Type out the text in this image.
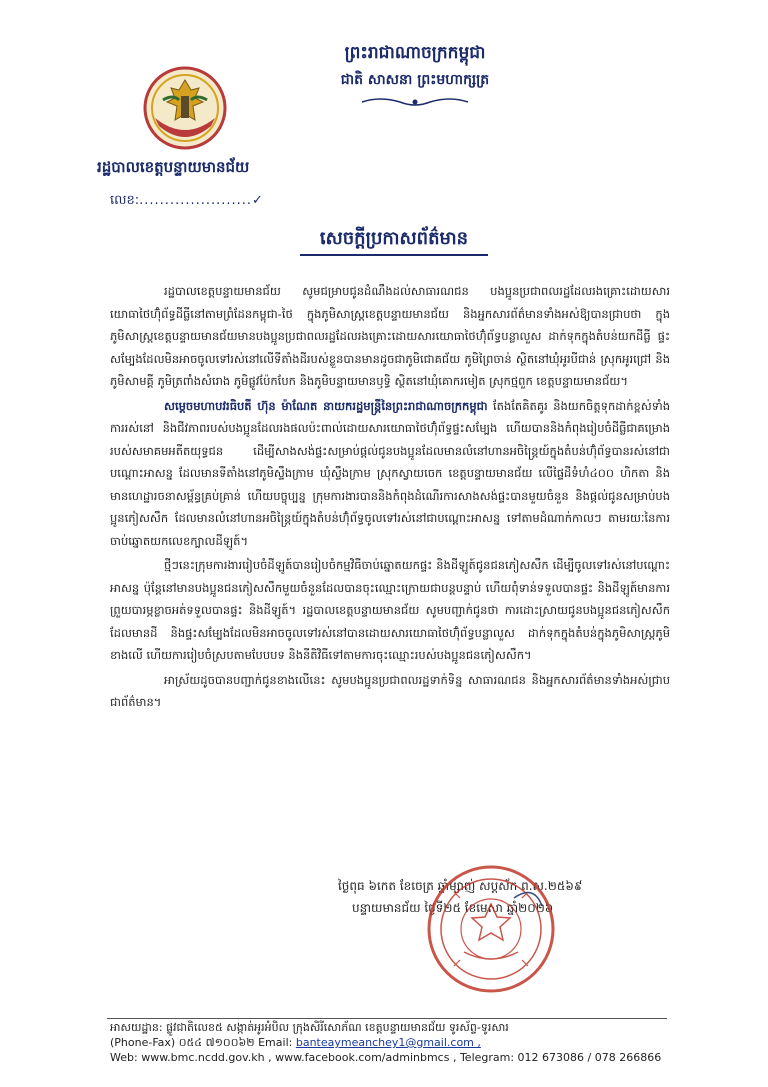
រដ្ឋបាលខេត្តបន្ទាយមានជ័យ
លេខ:......................✓
ព្រះរាជាណាចក្រកម្ពុជា
ជាតិ សាសនា ព្រះមហាក្សត្រ
សេចក្តីប្រកាសព័ត៌មាន

រដ្ឋបាលខេត្តបន្ទាយមានជ័យ សូមជម្រាបជូនដំណឹងដល់សាធារណជន បងប្អូនប្រជាពលរដ្ឋដែលរងគ្រោះដោយសារយោធាថៃហ៊ុំព័ទ្ធដីធ្លីនៅតាមព្រំដែនកម្ពុជា-ថៃ ក្នុងភូមិសាស្ត្រខេត្តបន្ទាយមានជ័យ និងអ្នកសារព័ត៌មានទាំងអស់ឱ្យបានជ្រាបថា ក្នុងភូមិសាស្ត្រខេត្តបន្ទាយមានជ័យមានបងប្អូនប្រជាពលរដ្ឋដែលរងគ្រោះដោយសារយោធាថៃហ៊ុំព័ទ្ធបន្លាលួស ដាក់ទុកក្នុងតំបន់យកដីធ្លី ផ្ទះសម្បែងដែលមិនអាចចូលទៅរស់នៅលើទីតាំងដីរបស់ខ្លួនបានមានដូចជាភូមិជោគជ័យ ភូមិព្រៃចាន់ ស្ថិតនៅឃុំអូរបីជាន់ ស្រុកអូរជ្រៅ និងភូមិសាមគ្គី ភូមិត្រពាំងសំរោង ភូមិផ្លូវប៉ែកបែក និងភូមិបន្ទាយមានឫទ្ធិ ស្ថិតនៅឃុំគោករមៀត ស្រុកថ្មពួក ខេត្តបន្ទាយមានជ័យ។

សម្តេចមហាបវរធិបតី ហ៊ុន ម៉ាណែត នាយករដ្ឋមន្ត្រីនៃព្រះរាជាណាចក្រកម្ពុជា តែងតែគិតគូរ និងយកចិត្តទុកដាក់ខ្ពស់ទាំងការរស់នៅ និងជីវភាពរបស់បងប្អូនដែលរងផលប៉ះពាល់ដោយសារយោធាថៃហ៊ុំព័ទ្ធផ្ទះសម្បែង ហើយបាននិងកំពុងរៀបចំដីធ្លីជាគម្រោងរបស់សមាគមអតីតយុទ្ធជន ដើម្បីសាងសង់ផ្ទះសម្រាប់ផ្តល់ជូនបងប្អូនដែលមានលំនៅហានអចិន្ត្រៃយ៍ក្នុងតំបន់ហ៊ុំព័ទ្ធបានរស់នៅជាបណ្តោះអាសន្ន ដែលមានទីតាំងនៅភូមិស្ទឹងក្រាម ឃុំស្ទឹងក្រាម ស្រុកស្វាយចេក ខេត្តបន្ទាយមានជ័យ លើផ្ទៃដីទំហំ៤០០ ហិកតា និងមានហេដ្ឋារចនាសម្ព័ន្ធគ្រប់គ្រាន់ ហើយបច្ចុប្បន្ន ក្រុមការងារបាននិងកំពុងដំណើរការសាងសង់ផ្ទះបានមួយចំនួន និងផ្តល់ជូនសម្រាប់បងប្អូនភៀសសឹក ដែលមានលំនៅហានអចិន្ត្រៃយ៍ក្នុងតំបន់ហ៊ុំព័ទ្ធចូលទៅរស់នៅជាបណ្តោះអាសន្ន ទៅតាមដំណាក់កាលៗ តាមរយៈនៃការចាប់ឆ្នោតយកលេខក្បាលដីឡូត៍។

ថ្មីៗនេះក្រុមការងាររៀបចំដីឡូត៍បានរៀបចំកម្មវិធីចាប់ឆ្នោតយកផ្ទះ និងដីឡូត៍ជូនជនភៀសសឹក ដើម្បីចូលទៅរស់នៅបណ្តោះអាសន្ន ប៉ុន្តែនៅមានបងប្អូនជនភៀសសឹកមួយចំនួនដែលបានចុះឈ្មោះក្រោយជាបន្តបន្ទាប់ ហើយពុំទាន់ទទួលបានផ្ទះ និងដីឡូត៍មានការព្រួយបារម្ភខ្លាចអត់ទទួលបានផ្ទះ និងដីឡូត៍។ រដ្ឋបាលខេត្តបន្ទាយមានជ័យ សូមបញ្ជាក់ជូនថា ការដោះស្រាយជូនបងប្អូនជនភៀសសឹកដែលមានដី និងផ្ទះសម្បែងដែលមិនអាចចូលទៅរស់នៅបានដោយសារយោធាថៃហ៊ុំព័ទ្ធបន្លាលួស ដាក់ទុកក្នុងតំបន់ក្នុងភូមិសាស្ត្រភូមិខាងលើ ហើយការរៀបចំស្របតាមបែបបទ និងនីតិវិធីទៅតាមការចុះឈ្មោះរបស់បងប្អូនជនភៀសសឹក។

អាស្រ័យដូចបានបញ្ជាក់ជូនខាងលើនេះ សូមបងប្អូនប្រជាពលរដ្ឋទាក់ទិន្ន សាធារណជន និងអ្នកសារព័ត៌មានទាំងអស់ជ្រាបជាព័ត៌មាន។

ថ្ងៃពុធ ៦កេត ខែចេត្រ ឆ្នាំម្សាញ់ សប្តស័ក ព.ស.២៥៦៩
បន្ទាយមានជ័យ ថ្ងៃទី២៥ ខែមេសា ឆ្នាំ២០២៦
អាសយដ្ឋាន: ផ្លូវជាតិលេខ៥ សង្កាត់អូរអំបិល ក្រុងសិរីសោភ័ណ ខេត្តបន្ទាយមានជ័យ ទូរស័ព្ទ-ទូរសារ
(Phone-Fax) ០៥៤ ៧១០០៦២ Email: banteaymeanchey1@gmail.com ,
Web: www.bmc.ncdd.gov.kh , www.facebook.com/adminbmcs , Telegram: 012 673086 / 078 266866
